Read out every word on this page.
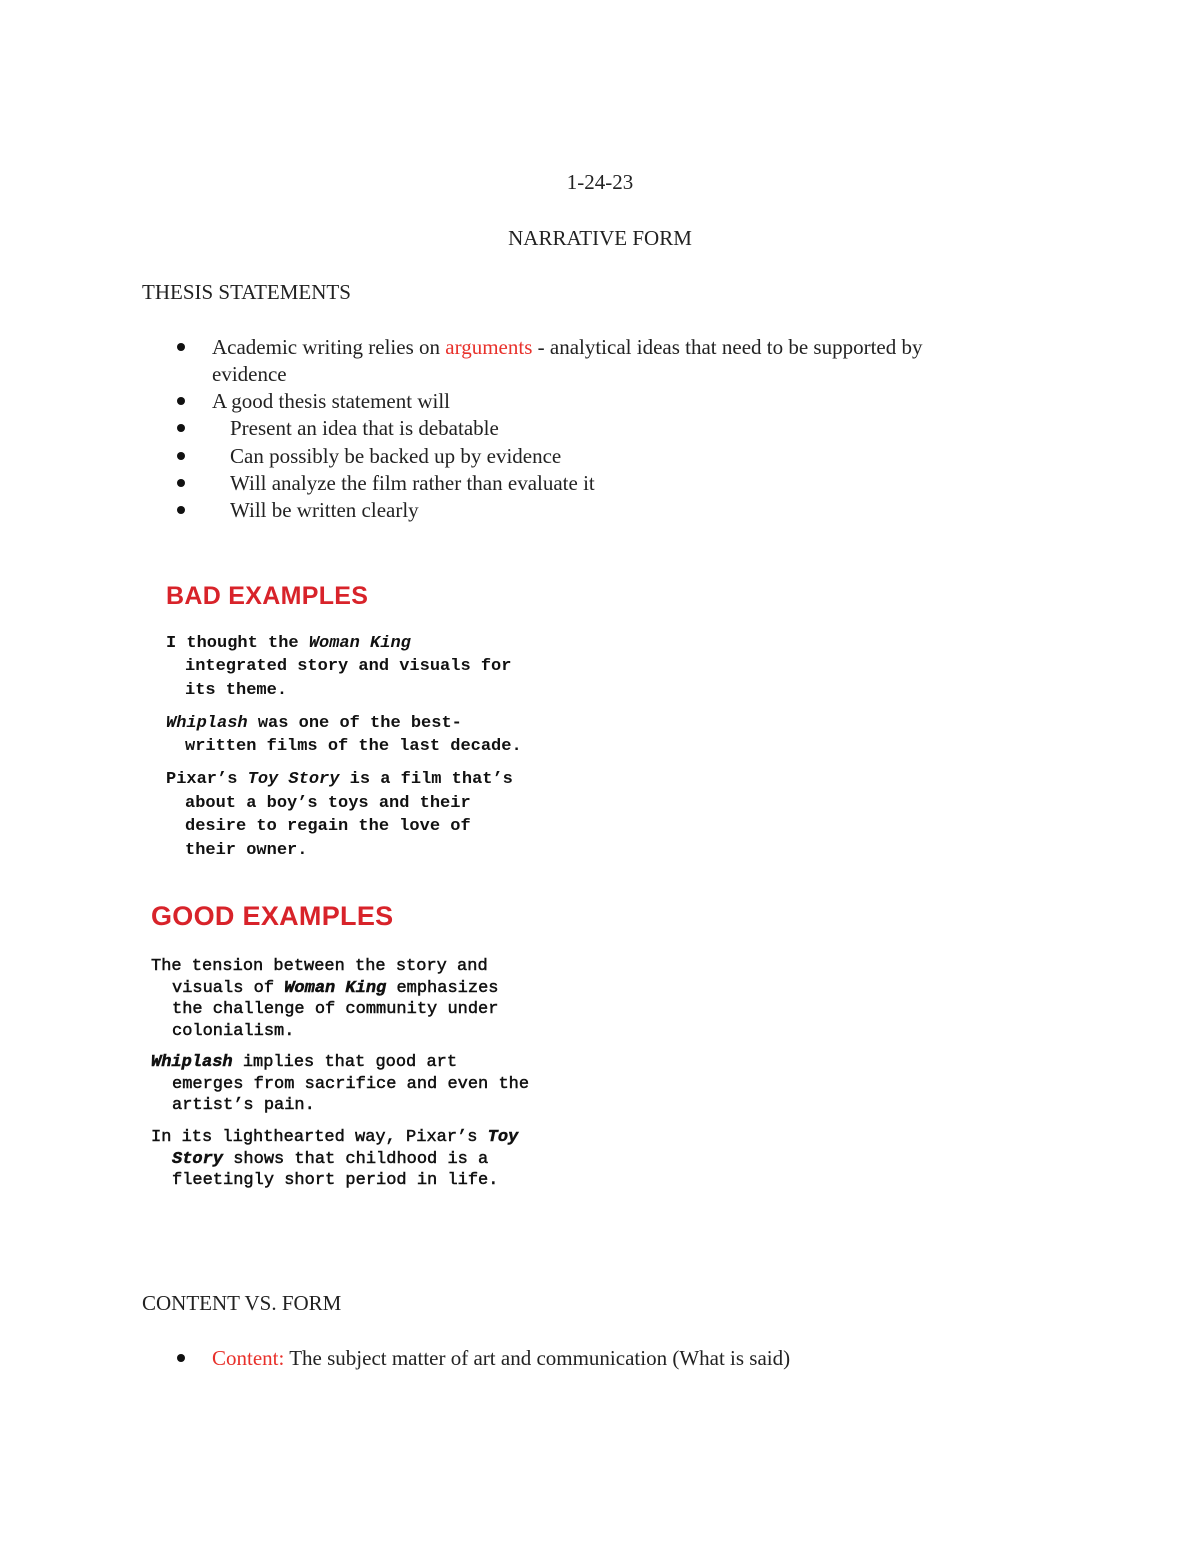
1-24-23
NARRATIVE FORM
THESIS STATEMENTS
Academic writing relies on arguments - analytical ideas that need to be supported by
evidence
A good thesis statement will
Present an idea that is debatable
Can possibly be backed up by evidence
Will analyze the film rather than evaluate it
Will be written clearly
BAD EXAMPLES
I thought the Woman King
integrated story and visuals for
its theme.
Whiplash was one of the best-
written films of the last decade.
Pixar’s Toy Story is a film that’s
about a boy’s toys and their
desire to regain the love of
their owner.
GOOD EXAMPLES
The tension between the story and
visuals of Woman King emphasizes
the challenge of community under
colonialism.
Whiplash implies that good art
emerges from sacrifice and even the
artist’s pain.
In its lighthearted way, Pixar’s Toy
Story shows that childhood is a
fleetingly short period in life.
CONTENT VS. FORM
Content: The subject matter of art and communication (What is said)
